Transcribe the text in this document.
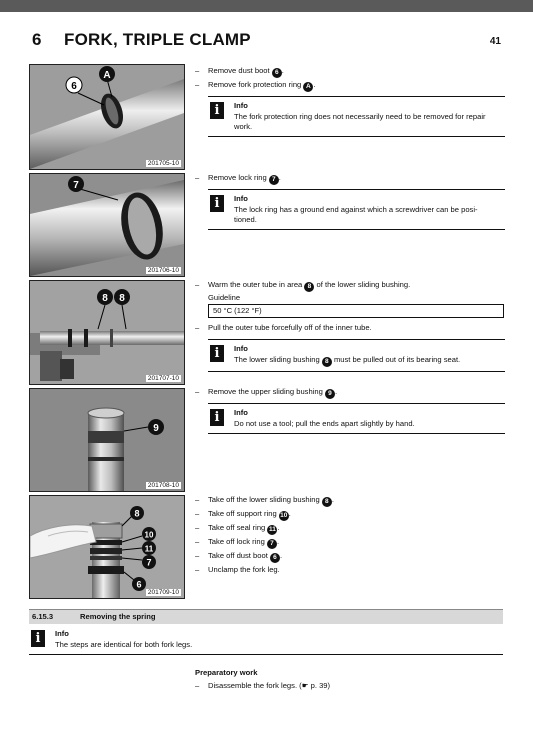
6 FORK, TRIPLE CLAMP	41
6
A
201705-10
– Remove dust boot 6 .
– Remove fork protection ring A .
i	Info
The fork protection ring does not necessarily need to be removed for repair work.
7
201706-10
– Remove lock ring 7 .
i	Info
The lock ring has a ground end against which a screwdriver can be posi-tioned.
8 8
201707-10
– Warm the outer tube in area 8 of the lower sliding bushing.
Guideline
50 °C (122 °F)
– Pull the outer tube forcefully off of the inner tube.
i	Info
The lower sliding bushing 8 must be pulled out of its bearing seat.
9
201708-10
– Remove the upper sliding bushing 9 .
i	Info
Do not use a tool; pull the ends apart slightly by hand.
8
10
11
7
6
201709-10
– Take off the lower sliding bushing 8 .
– Take off support ring 10.
– Take off seal ring 11 .
– Take off lock ring 7 .
– Take off dust boot 6 .
– Unclamp the fork leg.
6.15.3	Removing the spring
i	Info
The steps are identical for both fork legs.
Preparatory work
– Disassemble the fork legs. (☛ p. 39)
